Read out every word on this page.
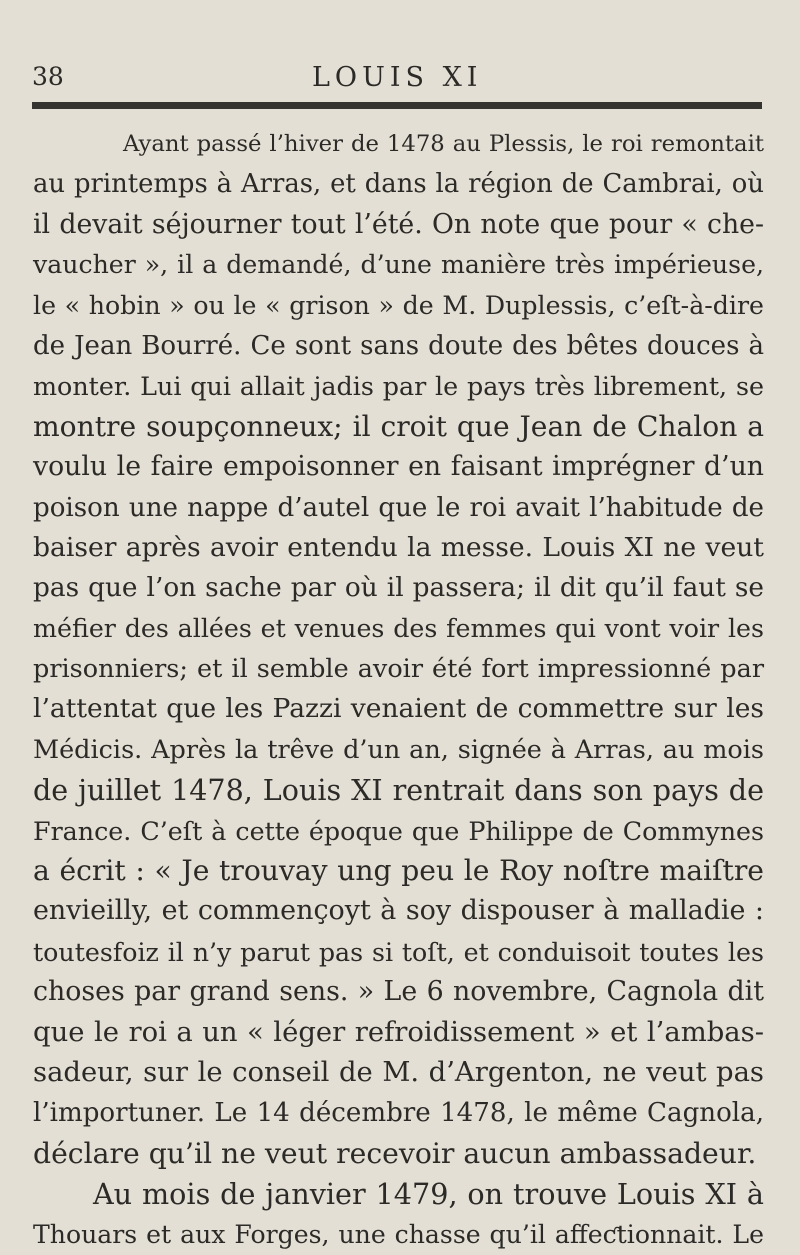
38	LOUIS XI
Ayant passé l’hiver de 1478 au Plessis, le roi remontait
au printemps à Arras, et dans la région de Cambrai, où
il devait séjourner tout l’été. On note que pour « che-
vaucher », il a demandé, d’une manière très impérieuse,
le « hobin » ou le « grison » de M. Duplessis, c’eſt-à-dire
de Jean Bourré. Ce sont sans doute des bêtes douces à
monter. Lui qui allait jadis par le pays très librement, se
montre soupçonneux; il croit que Jean de Chalon a
voulu le faire empoisonner en faisant imprégner d’un
poison une nappe d’autel que le roi avait l’habitude de
baiser après avoir entendu la messe. Louis XI ne veut
pas que l’on sache par où il passera; il dit qu’il faut se
méfier des allées et venues des femmes qui vont voir les
prisonniers; et il semble avoir été fort impressionné par
l’attentat que les Pazzi venaient de commettre sur les
Médicis. Après la trêve d’un an, signée à Arras, au mois
de juillet 1478, Louis XI rentrait dans son pays de
France. C’eſt à cette époque que Philippe de Commynes
a écrit : « Je trouvay ung peu le Roy noſtre maiſtre
envieilly, et commençoyt à soy dispouser à malladie :
toutesfoiz il n’y parut pas si toſt, et conduisoit toutes les
choses par grand sens. » Le 6 novembre, Cagnola dit
que le roi a un « léger refroidissement » et l’ambas-
sadeur, sur le conseil de M. d’Argenton, ne veut pas
l’importuner. Le 14 décembre 1478, le même Cagnola,
déclare qu’il ne veut recevoir aucun ambassadeur.
Au mois de janvier 1479, on trouve Louis XI à
Thouars et aux Forges, une chasse qu’il affeƈtionnait. Le
